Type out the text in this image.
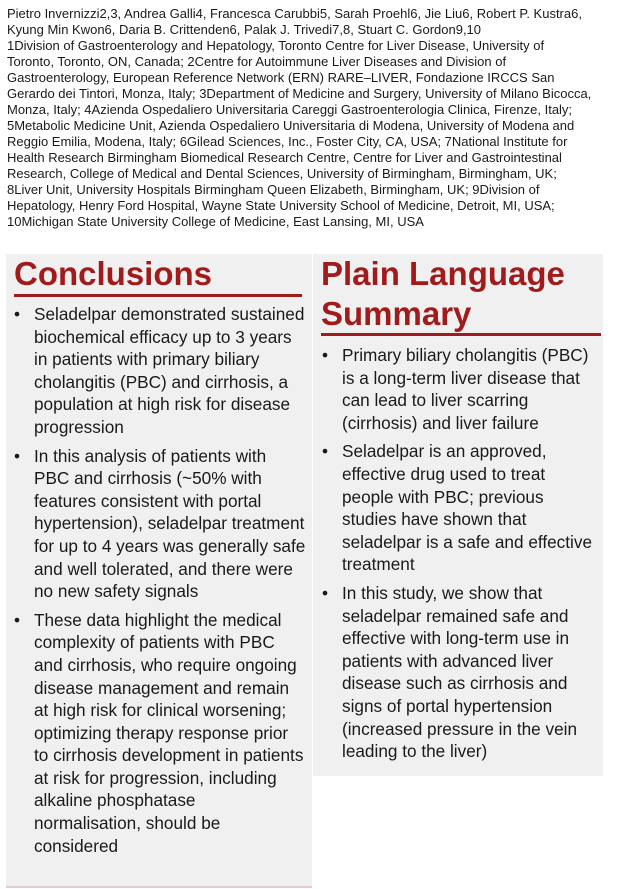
Pietro Invernizzi2,3, Andrea Galli4, Francesca Carubbi5, Sarah Proehl6, Jie Liu6, Robert P. Kustra6,
Kyung Min Kwon6, Daria B. Crittenden6, Palak J. Trivedi7,8, Stuart C. Gordon9,10
1Division of Gastroenterology and Hepatology, Toronto Centre for Liver Disease, University of
Toronto, Toronto, ON, Canada; 2Centre for Autoimmune Liver Diseases and Division of
Gastroenterology, European Reference Network (ERN) RARE–LIVER, Fondazione IRCCS San
Gerardo dei Tintori, Monza, Italy; 3Department of Medicine and Surgery, University of Milano Bicocca,
Monza, Italy; 4Azienda Ospedaliero Universitaria Careggi Gastroenterologia Clinica, Firenze, Italy;
5Metabolic Medicine Unit, Azienda Ospedaliero Universitaria di Modena, University of Modena and
Reggio Emilia, Modena, Italy; 6Gilead Sciences, Inc., Foster City, CA, USA; 7National Institute for
Health Research Birmingham Biomedical Research Centre, Centre for Liver and Gastrointestinal
Research, College of Medical and Dental Sciences, University of Birmingham, Birmingham, UK;
8Liver Unit, University Hospitals Birmingham Queen Elizabeth, Birmingham, UK; 9Division of
Hepatology, Henry Ford Hospital, Wayne State University School of Medicine, Detroit, MI, USA;
10Michigan State University College of Medicine, East Lansing, MI, USA

Conclusions	Plain Language Summary
• Seladelpar demonstrated sustained biochemical efficacy up to 3 years in patients with primary biliary cholangitis (PBC) and cirrhosis, a population at high risk for disease progression
• In this analysis of patients with PBC and cirrhosis (~50% with features consistent with portal hypertension), seladelpar treatment for up to 4 years was generally safe and well tolerated, and there were no new safety signals
• These data highlight the medical complexity of patients with PBC and cirrhosis, who require ongoing disease management and remain at high risk for clinical worsening; optimizing therapy response prior to cirrhosis development in patients at risk for progression, including alkaline phosphatase normalisation, should be considered
• Primary biliary cholangitis (PBC) is a long-term liver disease that can lead to liver scarring (cirrhosis) and liver failure
• Seladelpar is an approved, effective drug used to treat people with PBC; previous studies have shown that seladelpar is a safe and effective treatment
• In this study, we show that seladelpar remained safe and effective with long-term use in patients with advanced liver disease such as cirrhosis and signs of portal hypertension (increased pressure in the vein leading to the liver)
